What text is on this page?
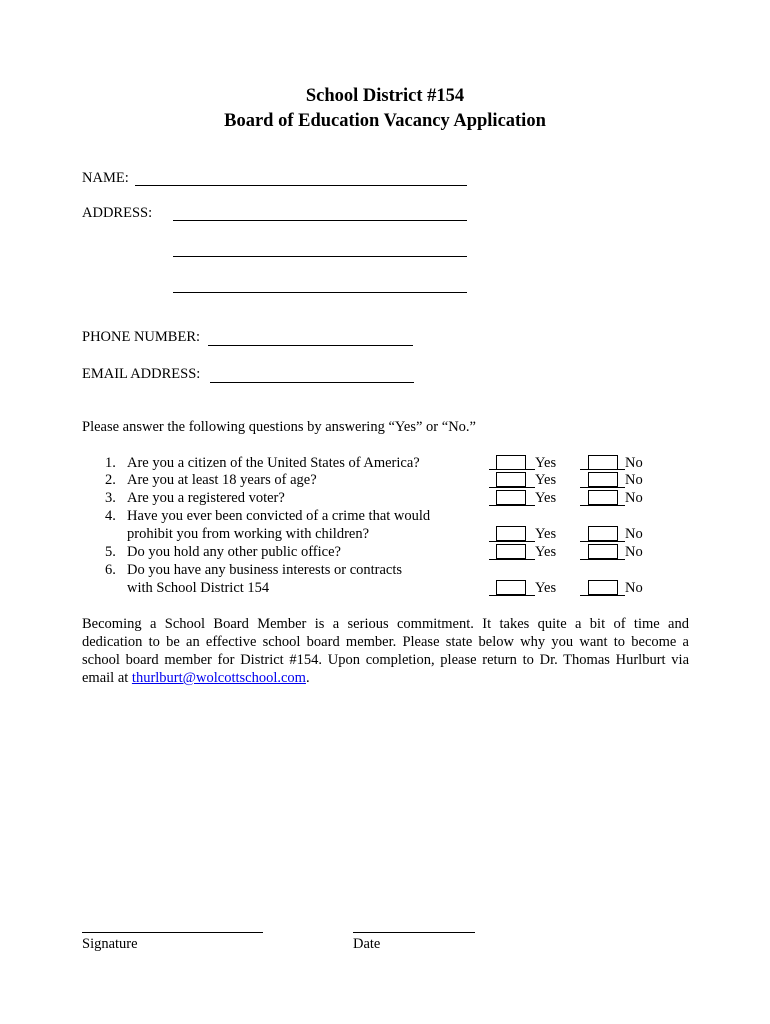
School District #154
Board of Education Vacancy Application
NAME:
ADDRESS:
PHONE NUMBER:
EMAIL ADDRESS:
Please answer the following questions by answering “Yes” or “No.”
1. Are you a citizen of the United States of America?
2. Are you at least 18 years of age?
3. Are you a registered voter?
4. Have you ever been convicted of a crime that would
prohibit you from working with children?
5. Do you hold any other public office?
6. Do you have any business interests or contracts
with School District 154
Yes
Yes
Yes
Yes
Yes
Yes
No
No
No
No
No
No
Becoming a School Board Member is a serious commitment. It takes quite a bit of time and
dedication to be an effective school board member. Please state below why you want to become a
school board member for District #154. Upon completion, please return to Dr. Thomas Hurlburt via
email at thurlburt@wolcottschool.com.
Signature	Date
